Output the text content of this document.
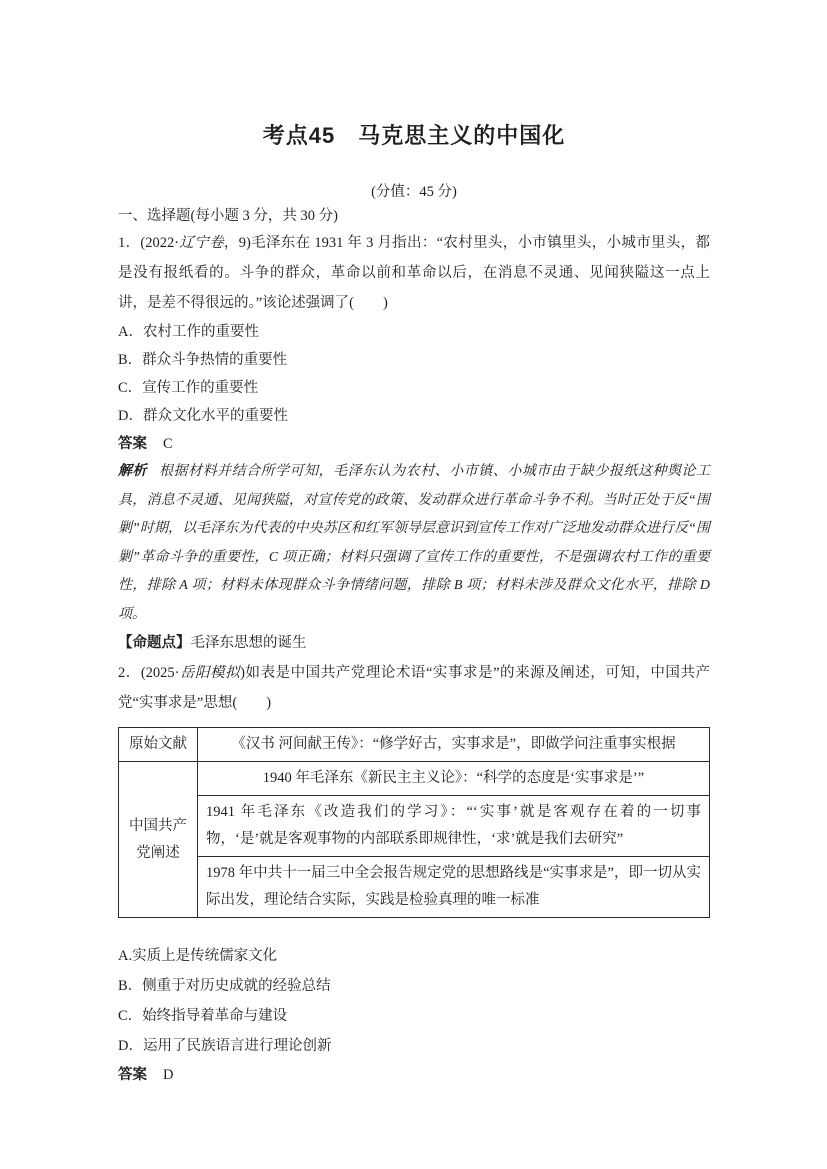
考点45　马克思主义的中国化
(分值：45 分)
一、选择题(每小题 3 分，共 30 分)
1．(2022·辽宁卷，9)毛泽东在 1931 年 3 月指出：“农村里头，小市镇里头，小城市里头，都是没有报纸看的。斗争的群众，革命以前和革命以后，在消息不灵通、见闻狭隘这一点上讲，是差不得很远的。”该论述强调了(　　)
A．农村工作的重要性
B．群众斗争热情的重要性
C．宣传工作的重要性
D．群众文化水平的重要性
答案 C
解析 根据材料并结合所学可知，毛泽东认为农村、小市镇、小城市由于缺少报纸这种舆论工具，消息不灵通、见闻狭隘，对宣传党的政策、发动群众进行革命斗争不利。当时正处于反“围剿”时期，以毛泽东为代表的中央苏区和红军领导层意识到宣传工作对广泛地发动群众进行反“围剿”革命斗争的重要性，C 项正确；材料只强调了宣传工作的重要性，不是强调农村工作的重要性，排除 A 项；材料未体现群众斗争情绪问题，排除 B 项；材料未涉及群众文化水平，排除 D 项。
【命题点】毛泽东思想的诞生
2．(2025·岳阳模拟)如表是中国共产党理论术语“实事求是”的来源及阐述，可知，中国共产党“实事求是”思想(　　)
原始文献	《汉书 河间献王传》：“修学好古，实事求是”，即做学问注重事实根据
中国共产党阐述	1940 年毛泽东《新民主主义论》：“科学的态度是‘实事求是’”
	1941 年毛泽东《改造我们的学习》：“‘实事’就是客观存在着的一切事物，‘是’就是客观事物的内部联系即规律性，‘求’就是我们去研究”
	1978 年中共十一届三中全会报告规定党的思想路线是“实事求是”，即一切从实际出发，理论结合实际，实践是检验真理的唯一标准
A.实质上是传统儒家文化
B．侧重于对历史成就的经验总结
C．始终指导着革命与建设
D．运用了民族语言进行理论创新
答案 D
